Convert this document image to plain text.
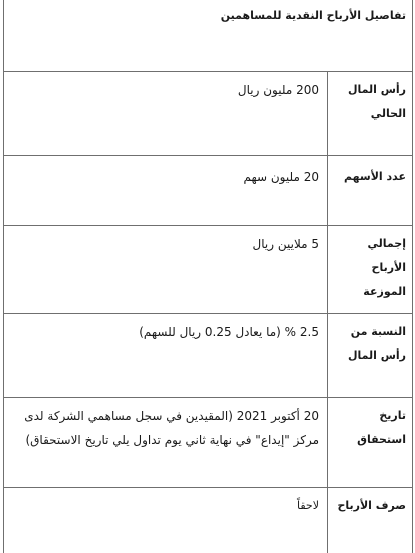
تفاصيل الأرباح النقدية للمساهمين
رأس المال الحالي
200 مليون ريال
عدد الأسهم
20 مليون سهم
إجمالي الأرباح الموزعة
5 ملايين ريال
النسبة من رأس المال
2.5 % (ما يعادل 0.25 ريال للسهم)
تاريخ استحقاق
20 أكتوبر 2021 (المقيدين في سجل مساهمي الشركة لدى مركز "إيداع" في نهاية ثاني يوم تداول يلي تاريخ الاستحقاق)
صرف الأرباح
لاحقاً
